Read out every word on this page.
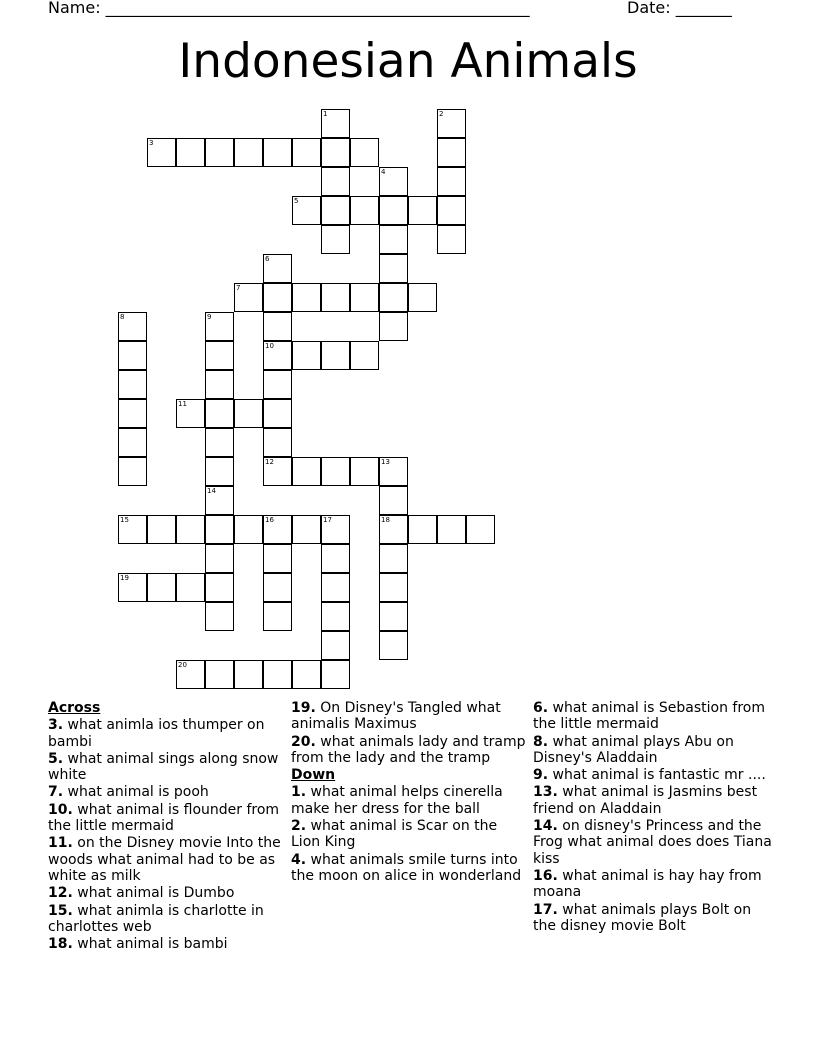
Name: _____________________________________________________	Date: _______
Indonesian Animals
3
5
7
10
11
12	13
15	16	17	18
19
20
1	2
4
6
8	9
14
Across
3. what animla ios thumper on bambi
5. what animal sings along snow white
7. what animal is pooh
10. what animal is flounder from the little mermaid
11. on the Disney movie Into the woods what animal had to be as white as milk
12. what animal is Dumbo
15. what animla is charlotte in charlottes web
18. what animal is bambi
19. On Disney's Tangled what animalis Maximus
20. what animals lady and tramp from the lady and the tramp
Down
1. what animal helps cinerella make her dress for the ball
2. what animal is Scar on the Lion King
4. what animals smile turns into the moon on alice in wonderland
6. what animal is Sebastion from the little mermaid
8. what animal plays Abu on Disney's Aladdain
9. what animal is fantastic mr ....
13. what animal is Jasmins best friend on Aladdain
14. on disney's Princess and the Frog what animal does does Tiana kiss
16. what animal is hay hay from moana
17. what animals plays Bolt on the disney movie Bolt
